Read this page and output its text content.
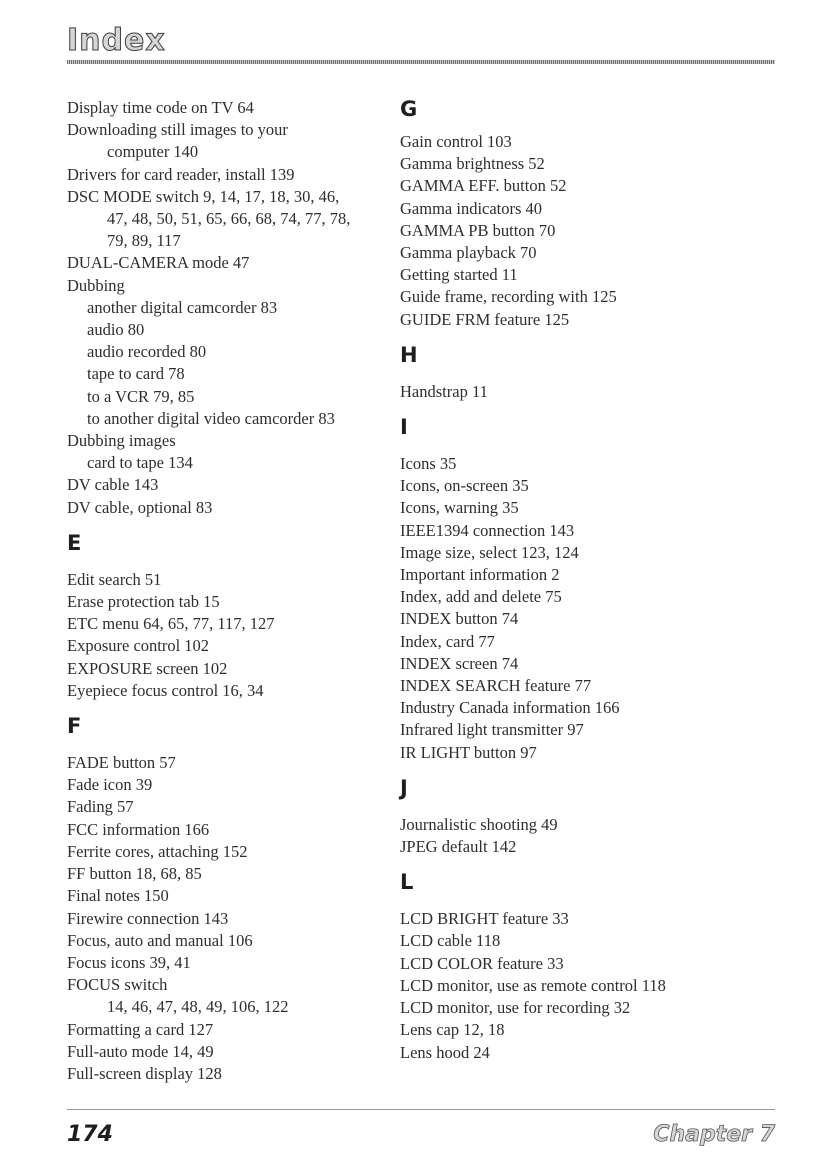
Index
Display time code on TV 64
Downloading still images to your
computer 140
Drivers for card reader, install 139
DSC MODE switch 9, 14, 17, 18, 30, 46,
47, 48, 50, 51, 65, 66, 68, 74, 77, 78,
79, 89, 117
DUAL-CAMERA mode 47
Dubbing
another digital camcorder 83
audio 80
audio recorded 80
tape to card 78
to a VCR 79, 85
to another digital video camcorder 83
Dubbing images
card to tape 134
DV cable 143
DV cable, optional 83
E
Edit search 51
Erase protection tab 15
ETC menu 64, 65, 77, 117, 127
Exposure control 102
EXPOSURE screen 102
Eyepiece focus control 16, 34
F
FADE button 57
Fade icon 39
Fading 57
FCC information 166
Ferrite cores, attaching 152
FF button 18, 68, 85
Final notes 150
Firewire connection 143
Focus, auto and manual 106
Focus icons 39, 41
FOCUS switch
14, 46, 47, 48, 49, 106, 122
Formatting a card 127
Full-auto mode 14, 49
Full-screen display 128
G
Gain control 103
Gamma brightness 52
GAMMA EFF. button 52
Gamma indicators 40
GAMMA PB button 70
Gamma playback 70
Getting started 11
Guide frame, recording with 125
GUIDE FRM feature 125
H
Handstrap 11
I
Icons 35
Icons, on-screen 35
Icons, warning 35
IEEE1394 connection 143
Image size, select 123, 124
Important information 2
Index, add and delete 75
INDEX button 74
Index, card 77
INDEX screen 74
INDEX SEARCH feature 77
Industry Canada information 166
Infrared light transmitter 97
IR LIGHT button 97
J
Journalistic shooting 49
JPEG default 142
L
LCD BRIGHT feature 33
LCD cable 118
LCD COLOR feature 33
LCD monitor, use as remote control 118
LCD monitor, use for recording 32
Lens cap 12, 18
Lens hood 24
174	Chapter 7
